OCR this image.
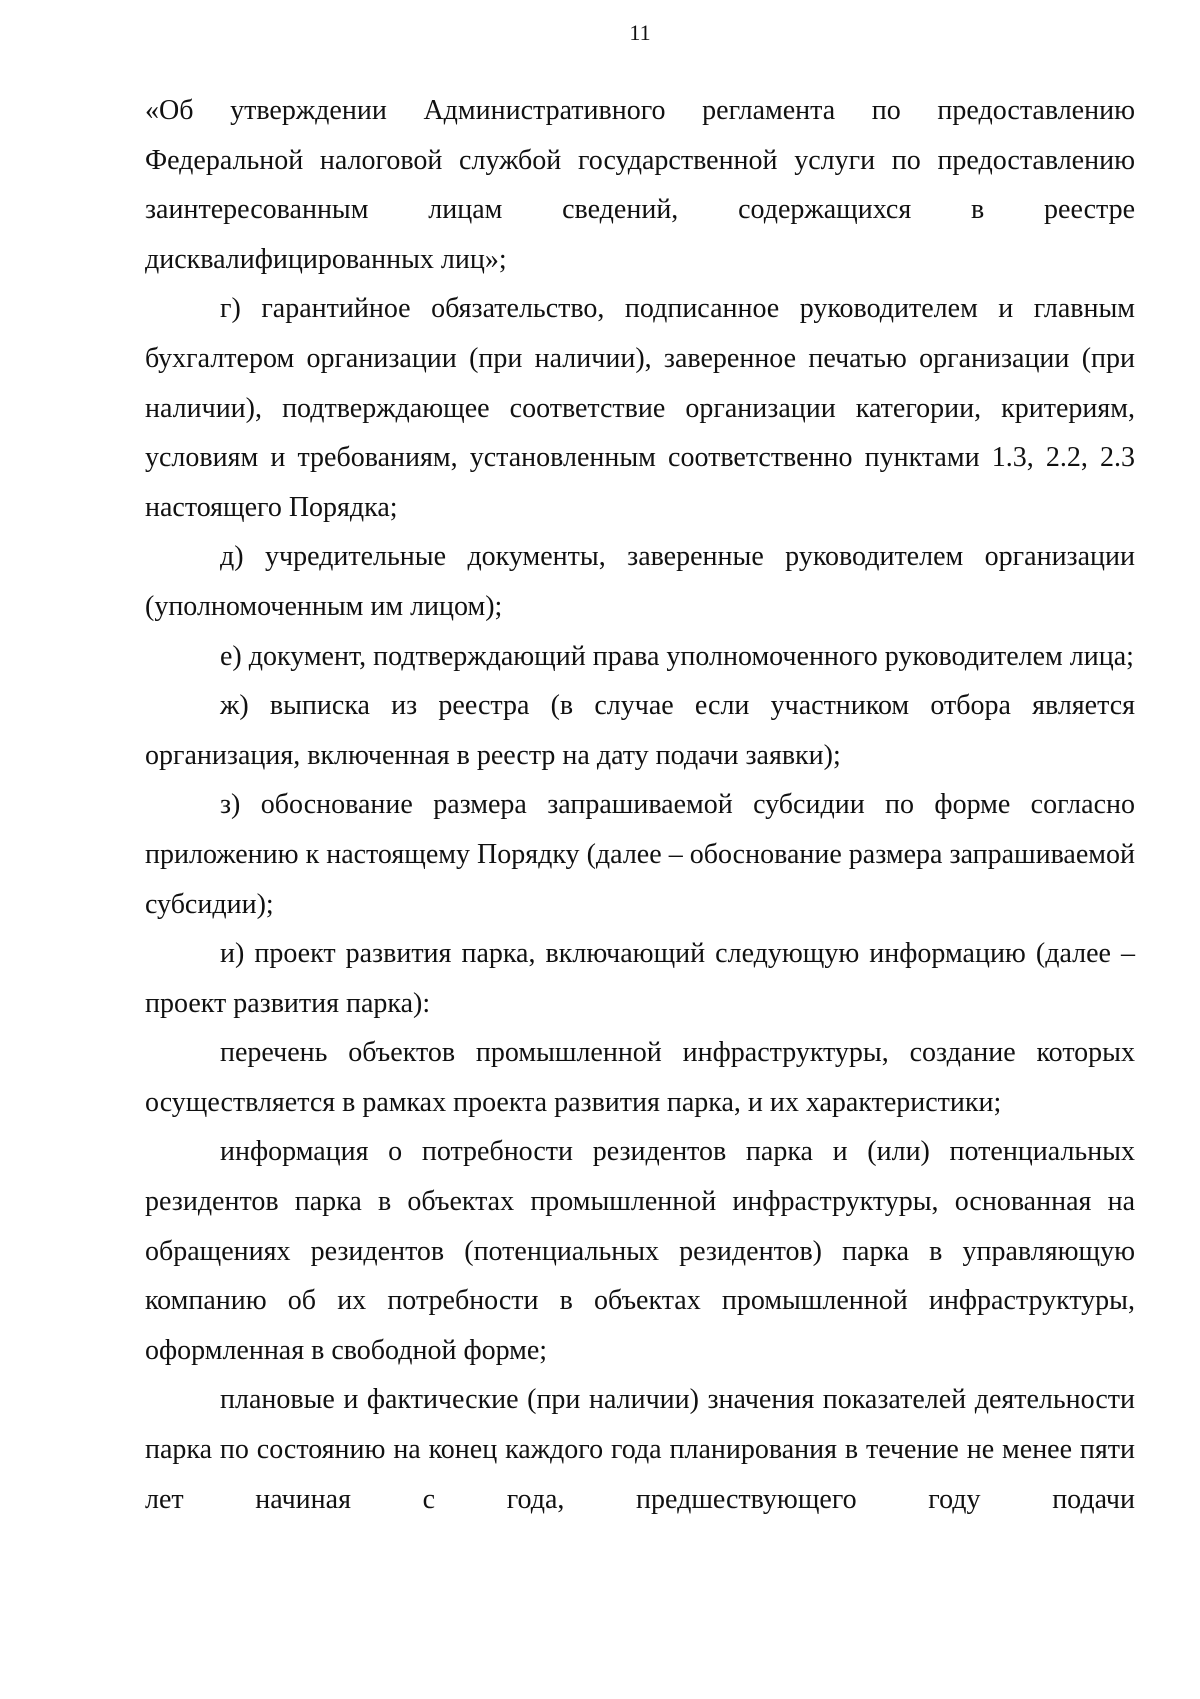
11

«Об утверждении Административного регламента по предоставлению Федеральной налоговой службой государственной услуги по предоставлению заинтересованным лицам сведений, содержащихся в реестре дисквалифицированных лиц»;

г) гарантийное обязательство, подписанное руководителем и главным бухгалтером организации (при наличии), заверенное печатью организации (при наличии), подтверждающее соответствие организации категории, критериям, условиям и требованиям, установленным соответственно пунктами 1.3, 2.2, 2.3 настоящего Порядка;

д) учредительные документы, заверенные руководителем организации (уполномоченным им лицом);

е) документ, подтверждающий права уполномоченного руководителем лица;

ж) выписка из реестра (в случае если участником отбора является организация, включенная в реестр на дату подачи заявки);

з) обоснование размера запрашиваемой субсидии по форме согласно приложению к настоящему Порядку (далее – обоснование размера запрашиваемой субсидии);

и) проект развития парка, включающий следующую информацию (далее – проект развития парка):

перечень объектов промышленной инфраструктуры, создание которых осуществляется в рамках проекта развития парка, и их характеристики;

информация о потребности резидентов парка и (или) потенциальных резидентов парка в объектах промышленной инфраструктуры, основанная на обращениях резидентов (потенциальных резидентов) парка в управляющую компанию об их потребности в объектах промышленной инфраструктуры, оформленная в свободной форме;

плановые и фактические (при наличии) значения показателей деятельности парка по состоянию на конец каждого года планирования в течение не менее пяти лет начиная с года, предшествующего году подачи
